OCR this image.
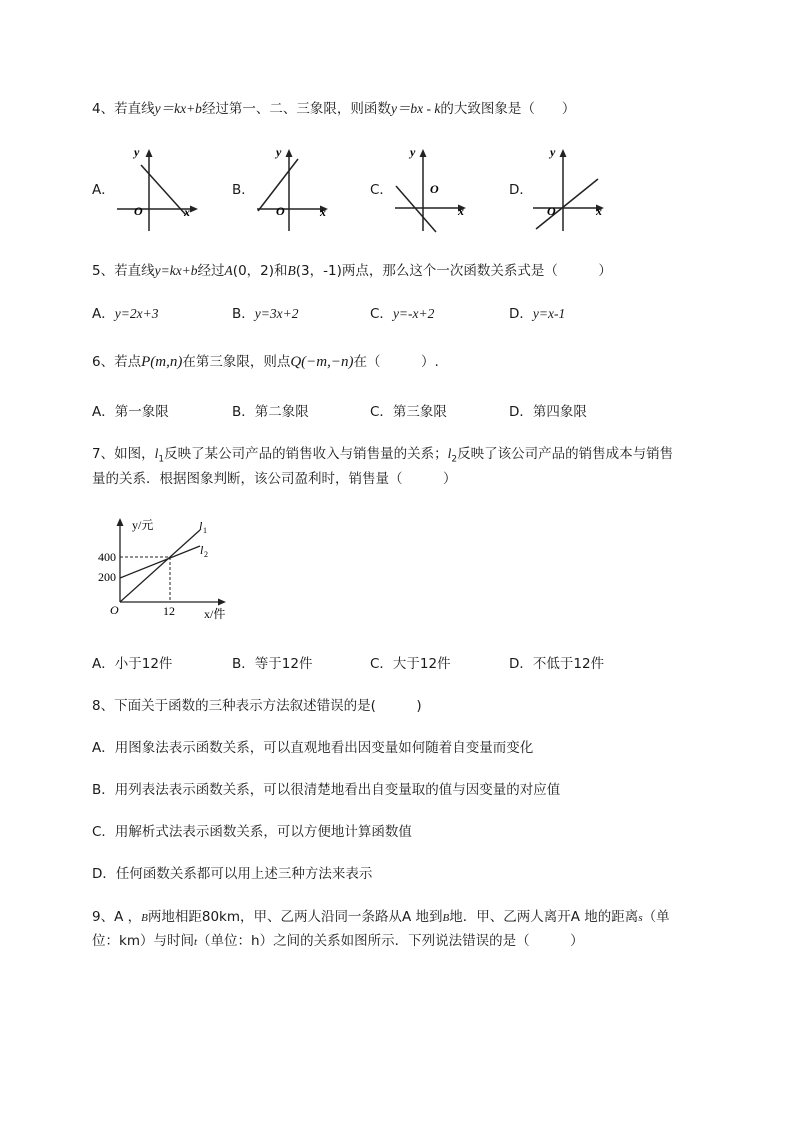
4、若直线y＝kx+b经过第一、二、三象限，则函数y＝bx - k的大致图象是（　　）
A．
y
x
O
B．
y
x
O
C．
y
x
O	D．
y
x
O
5、若直线y=kx+b经过A(0，2)和B(3，-1)两点，那么这个一次函数关系式是（　　　）
A．y=2x+3	B．y=3x+2	C．y=-x+2	D．y=x-1
6、若点P(m,n)在第三象限，则点Q(−m,−n)在（　　　）.
A．第一象限	B．第二象限	C．第三象限	D．第四象限
7、如图，$l_1$反映了某公司产品的销售收入与销售量的关系；$l_2$反映了该公司产品的销售成本与销售
量的关系．根据图象判断，该公司盈利时，销售量（　　　）
y/元
x/件
400
200
12
O
l 1
l 2
A．小于12件	B．等于12件	C．大于12件	D．不低于12件
8、下面关于函数的三种表示方法叙述错误的是(　　　)
A．用图象法表示函数关系，可以直观地看出因变量如何随着自变量而变化
B．用列表法表示函数关系，可以很清楚地看出自变量取的值与因变量的对应值
C．用解析式法表示函数关系，可以方便地计算函数值
D．任何函数关系都可以用上述三种方法来表示
9、A ，B两地相距80km，甲、乙两人沿同一条路从A 地到B地．甲、乙两人离开A 地的距离s（单
位：km）与时间t（单位：h）之间的关系如图所示．下列说法错误的是（　　　）
